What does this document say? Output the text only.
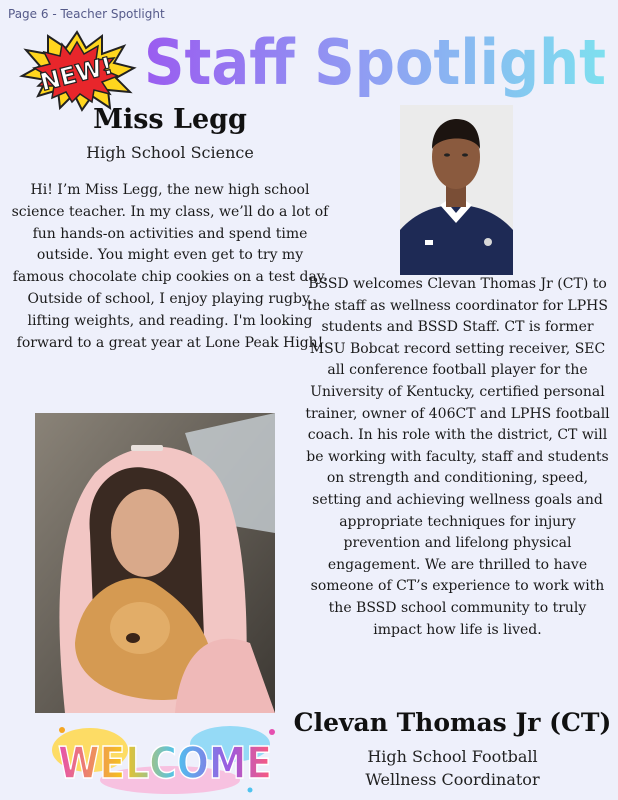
Page 6 - Teacher Spotlight
NEW! Staff Spotlight
Miss Legg
High School Science
Hi! I’m Miss Legg, the new high school science teacher. In my class, we’ll do a lot of fun hands-on activities and spend time outside. You might even get to try my famous chocolate chip cookies on a test day. Outside of school, I enjoy playing rugby, lifting weights, and reading. I'm looking forward to a great year at Lone Peak High!
BSSD welcomes Clevan Thomas Jr (CT) to the staff as wellness coordinator for LPHS students and BSSD Staff. CT is former MSU Bobcat record setting receiver, SEC all conference football player for the University of Kentucky, certified personal trainer, owner of 406CT and LPHS football coach. In his role with the district, CT will be working with faculty, staff and students on strength and conditioning, speed, setting and achieving wellness goals and appropriate techniques for injury prevention and lifelong physical engagement. We are thrilled to have someone of CT’s experience to work with the BSSD school community to truly impact how life is lived.
Clevan Thomas Jr (CT)
High School Football
Wellness Coordinator
WELCOME
